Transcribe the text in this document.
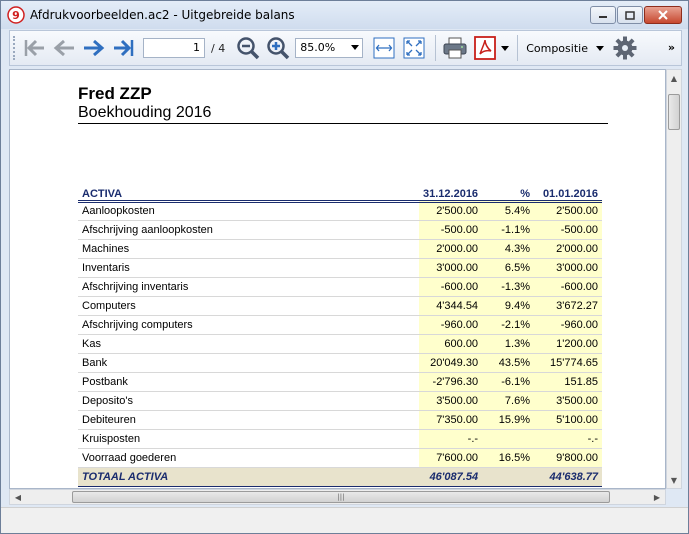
9 Afdrukvoorbeelden.ac2 - Uitgebreide balans
1	/ 4	85.0%	Compositie	»
Fred ZZP
Boekhouding 2016
ACTIVA	31.12.2016	%	01.01.2016
Aanloopkosten	2'500.00	5.4%	2'500.00
Afschrijving aanloopkosten	-500.00	-1.1%	-500.00
Machines	2'000.00	4.3%	2'000.00
Inventaris	3'000.00	6.5%	3'000.00
Afschrijving inventaris	-600.00	-1.3%	-600.00
Computers	4'344.54	9.4%	3'672.27
Afschrijving computers	-960.00	-2.1%	-960.00
Kas	600.00	1.3%	1'200.00
Bank	20'049.30	43.5%	15'774.65
Postbank	-2'796.30	-6.1%	151.85
Deposito's	3'500.00	7.6%	3'500.00
Debiteuren	7'350.00	15.9%	5'100.00
Kruisposten	-.-		-.-
Voorraad goederen	7'600.00	16.5%	9'800.00
TOTAAL ACTIVA	46'087.54		44'638.77
▲
▼
◀	|||	▶
